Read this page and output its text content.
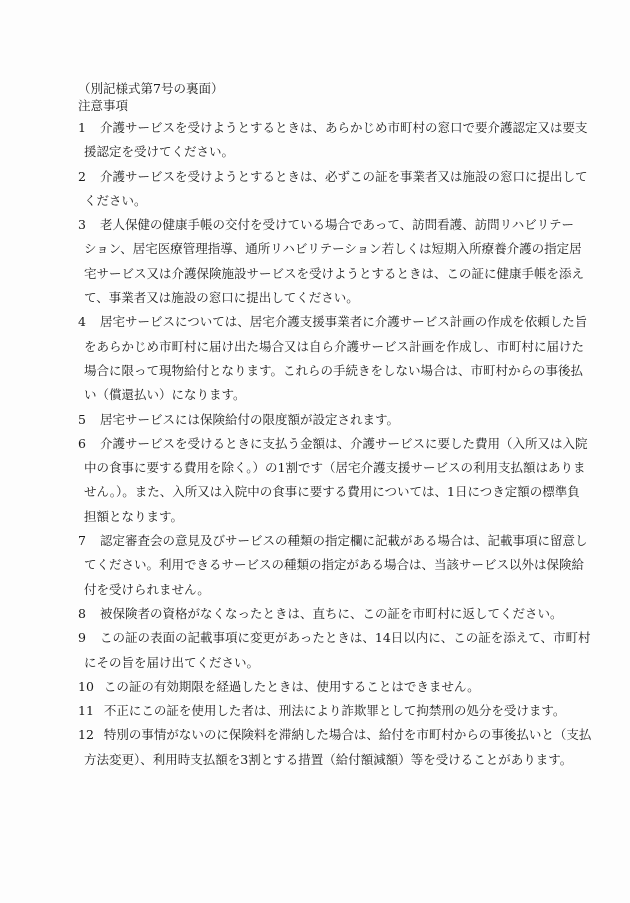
（別記様式第7号の裏面）
注意事項
1 介護サービスを受けようとするときは、あらかじめ市町村の窓口で要介護認定又は要支
援認定を受けてください。
2 介護サービスを受けようとするときは、必ずこの証を事業者又は施設の窓口に提出して
ください。
3 老人保健の健康手帳の交付を受けている場合であって、訪問看護、訪問リハビリテー
ション、居宅医療管理指導、通所リハビリテーション若しくは短期入所療養介護の指定居
宅サービス又は介護保険施設サービスを受けようとするときは、この証に健康手帳を添え
て、事業者又は施設の窓口に提出してください。
4 居宅サービスについては、居宅介護支援事業者に介護サービス計画の作成を依頼した旨
をあらかじめ市町村に届け出た場合又は自ら介護サービス計画を作成し、市町村に届けた
場合に限って現物給付となります。これらの手続きをしない場合は、市町村からの事後払
い（償還払い）になります。
5 居宅サービスには保険給付の限度額が設定されます。
6 介護サービスを受けるときに支払う金額は、介護サービスに要した費用（入所又は入院
中の食事に要する費用を除く。）の1割です（居宅介護支援サービスの利用支払額はありま
せん。）。また、入所又は入院中の食事に要する費用については、1日につき定額の標準負
担額となります。
7 認定審査会の意見及びサービスの種類の指定欄に記載がある場合は、記載事項に留意し
てください。利用できるサービスの種類の指定がある場合は、当該サービス以外は保険給
付を受けられません。
8 被保険者の資格がなくなったときは、直ちに、この証を市町村に返してください。
9 この証の表面の記載事項に変更があったときは、14日以内に、この証を添えて、市町村
にその旨を届け出てください。
10 この証の有効期限を経過したときは、使用することはできません。
11 不正にこの証を使用した者は、刑法により詐欺罪として拘禁刑の処分を受けます。
12 特別の事情がないのに保険料を滞納した場合は、給付を市町村からの事後払いと（支払
方法変更）、利用時支払額を3割とする措置（給付額減額）等を受けることがあります。
